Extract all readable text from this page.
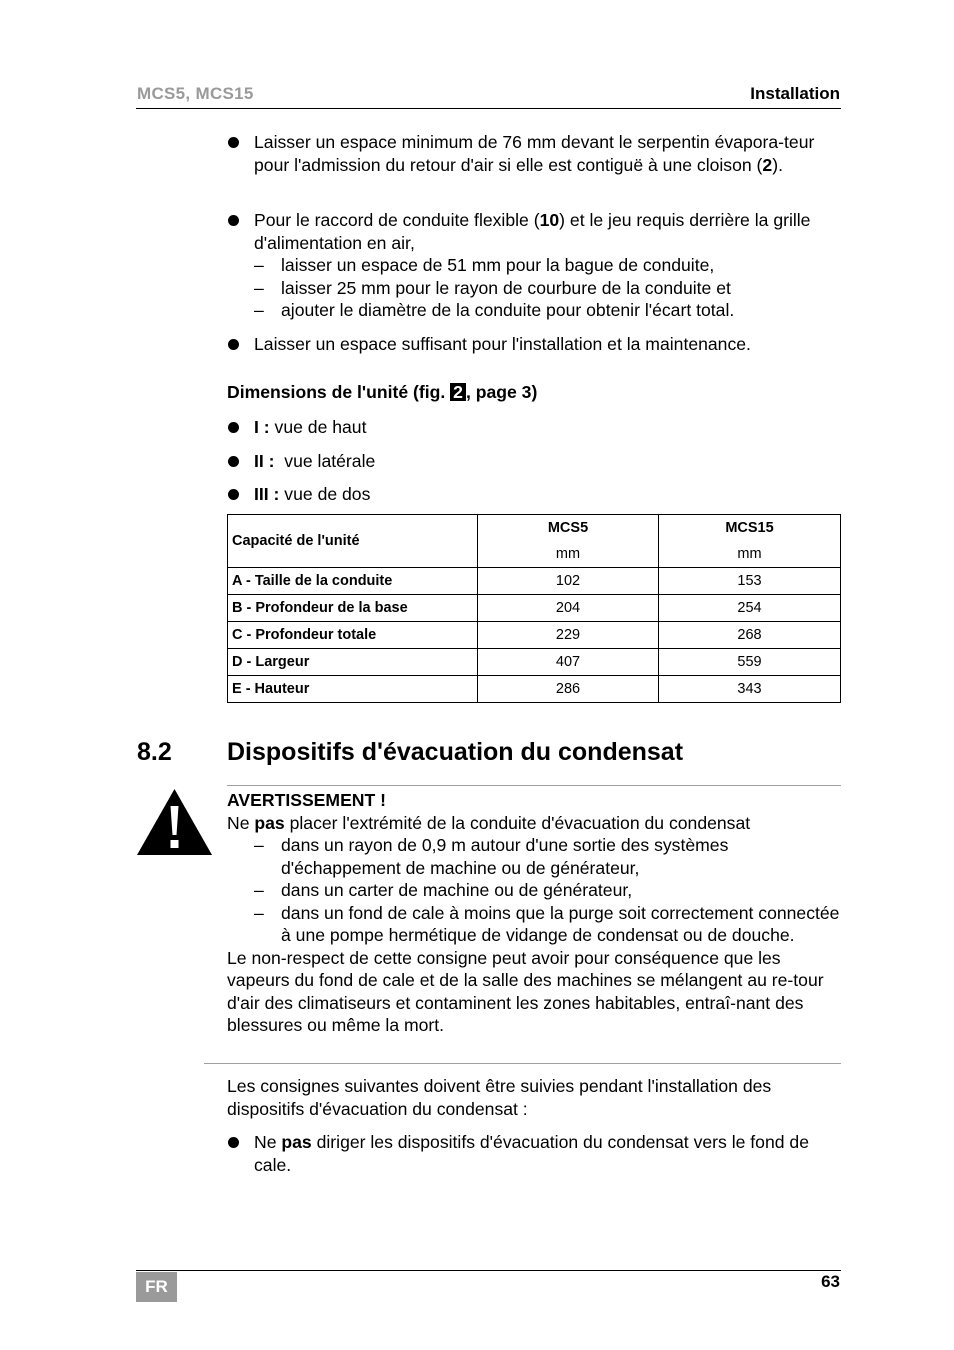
MCS5, MCS15	Installation
Laisser un espace minimum de 76 mm devant le serpentin évapora-teur pour l'admission du retour d'air si elle est contiguë à une cloison (2).
Pour le raccord de conduite flexible (10) et le jeu requis derrière la grille d'alimentation en air,
– laisser un espace de 51 mm pour la bague de conduite,
– laisser 25 mm pour le rayon de courbure de la conduite et
– ajouter le diamètre de la conduite pour obtenir l'écart total.
Laisser un espace suffisant pour l'installation et la maintenance.
Dimensions de l'unité (fig. 2 , page 3)
I : vue de haut
II :  vue latérale
III : vue de dos
Capacité de l'unité	MCS5	MCS15
	mm	mm
A - Taille de la conduite	102	153
B - Profondeur de la base	204	254
C - Profondeur totale	229	268
D - Largeur	407	559
E - Hauteur	286	343
8.2 Dispositifs d'évacuation du condensat
AVERTISSEMENT !
Ne pas placer l'extrémité de la conduite d'évacuation du condensat
– dans un rayon de 0,9 m autour d'une sortie des systèmes d'échappement de machine ou de générateur,
– dans un carter de machine ou de générateur,
– dans un fond de cale à moins que la purge soit correctement connectée à une pompe hermétique de vidange de condensat ou de douche.
Le non-respect de cette consigne peut avoir pour conséquence que les vapeurs du fond de cale et de la salle des machines se mélangent au re-tour d'air des climatiseurs et contaminent les zones habitables, entraî-nant des blessures ou même la mort.
Les consignes suivantes doivent être suivies pendant l'installation des dispositifs d'évacuation du condensat :
Ne pas diriger les dispositifs d'évacuation du condensat vers le fond de cale.
FR	63
